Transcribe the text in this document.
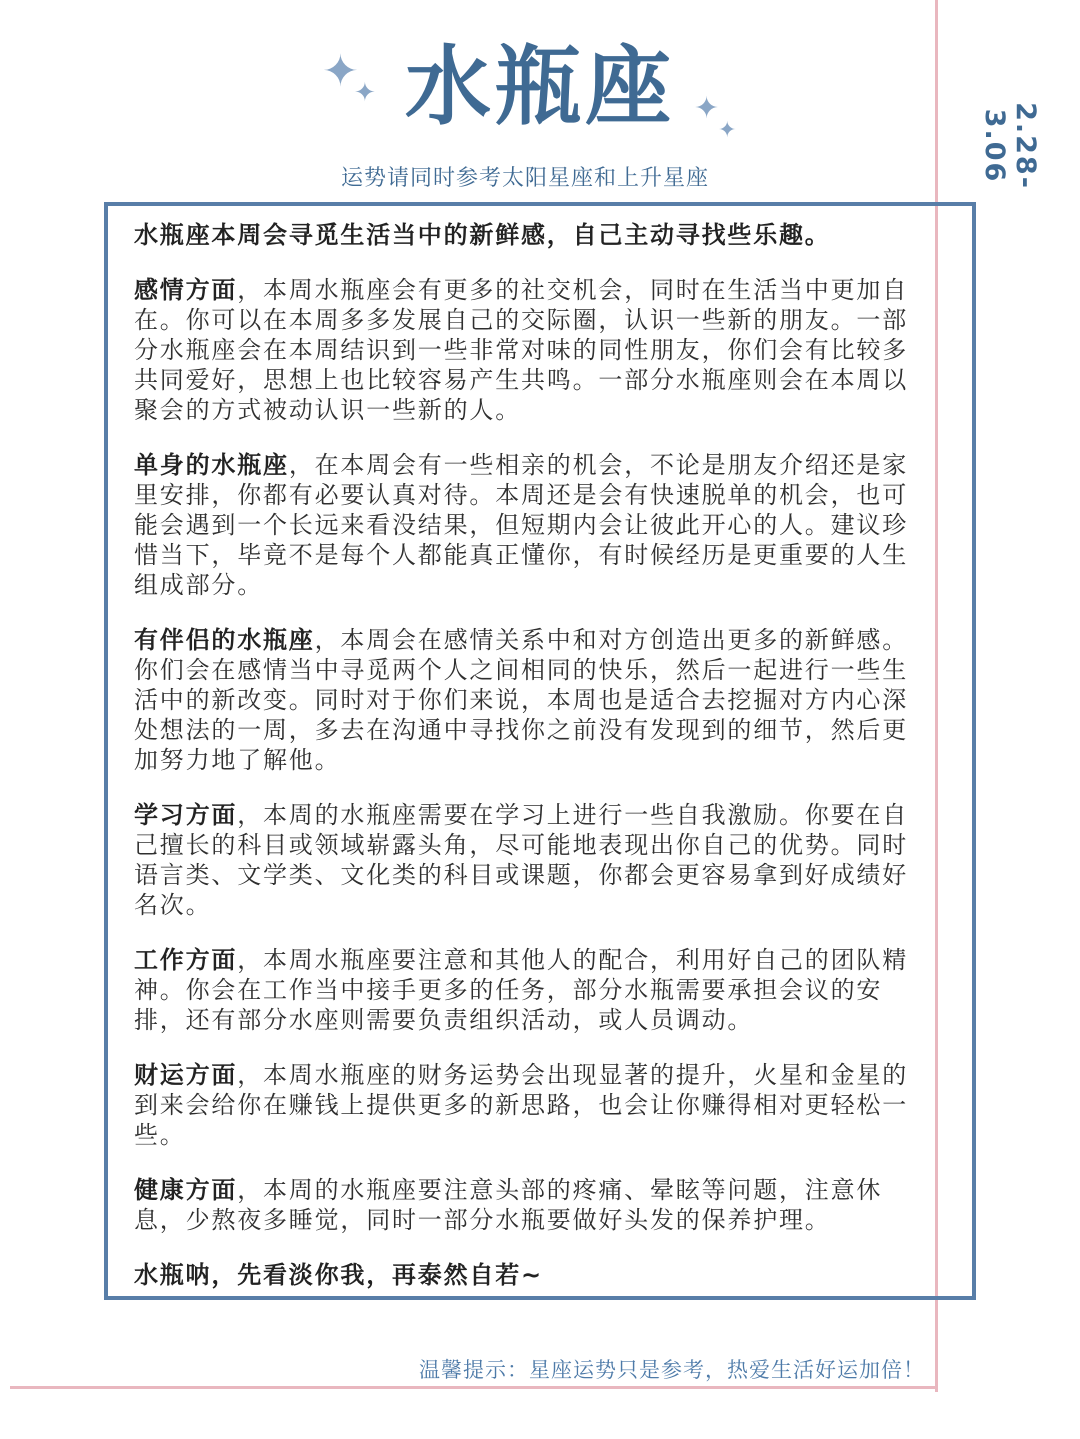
✦
✦	✦
✦
水瓶座
运势请同时参考太阳星座和上升星座	2.28-3.06

水瓶座本周会寻觅生活当中的新鲜感，自己主动寻找些乐趣。

感情方面，本周水瓶座会有更多的社交机会，同时在生活当中更加自在。你可以在本周多多发展自己的交际圈，认识一些新的朋友。一部分水瓶座会在本周结识到一些非常对味的同性朋友，你们会有比较多共同爱好，思想上也比较容易产生共鸣。一部分水瓶座则会在本周以聚会的方式被动认识一些新的人。

单身的水瓶座，在本周会有一些相亲的机会，不论是朋友介绍还是家里安排，你都有必要认真对待。本周还是会有快速脱单的机会，也可能会遇到一个长远来看没结果，但短期内会让彼此开心的人。建议珍惜当下，毕竟不是每个人都能真正懂你，有时候经历是更重要的人生组成部分。

有伴侣的水瓶座，本周会在感情关系中和对方创造出更多的新鲜感。你们会在感情当中寻觅两个人之间相同的快乐，然后一起进行一些生活中的新改变。同时对于你们来说，本周也是适合去挖掘对方内心深处想法的一周，多去在沟通中寻找你之前没有发现到的细节，然后更加努力地了解他。

学习方面，本周的水瓶座需要在学习上进行一些自我激励。你要在自己擅长的科目或领域崭露头角，尽可能地表现出你自己的优势。同时语言类、文学类、文化类的科目或课题，你都会更容易拿到好成绩好名次。

工作方面，本周水瓶座要注意和其他人的配合，利用好自己的团队精神。你会在工作当中接手更多的任务，部分水瓶需要承担会议的安排，还有部分水座则需要负责组织活动，或人员调动。

财运方面，本周水瓶座的财务运势会出现显著的提升，火星和金星的到来会给你在赚钱上提供更多的新思路，也会让你赚得相对更轻松一些。

健康方面，本周的水瓶座要注意头部的疼痛、晕眩等问题，注意休息，少熬夜多睡觉，同时一部分水瓶要做好头发的保养护理。

水瓶呐，先看淡你我，再泰然自若~

温馨提示：星座运势只是参考，热爱生活好运加倍！
